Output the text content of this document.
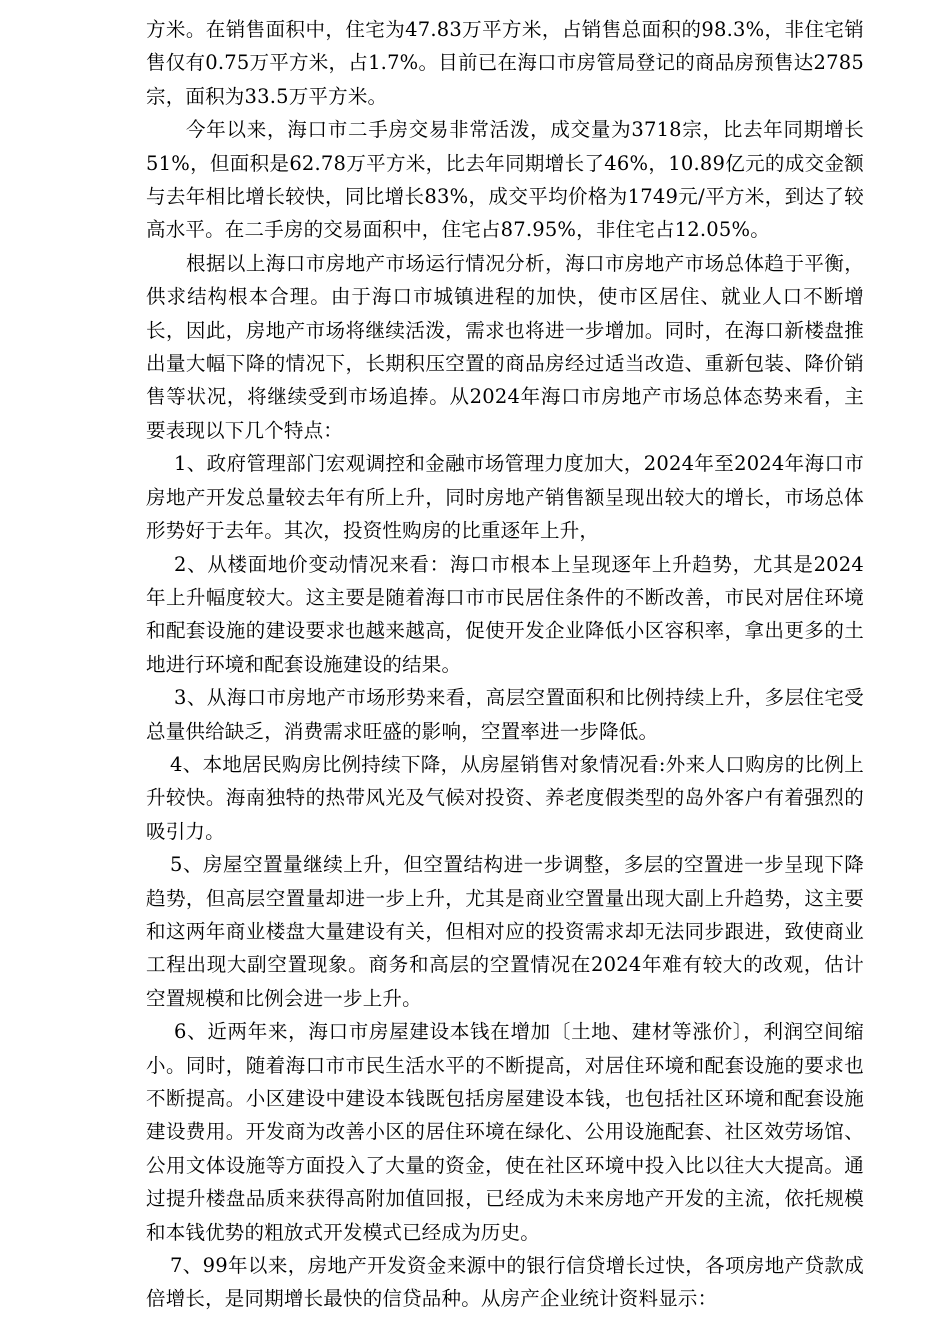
方米。在销售面积中，住宅为47.83万平方米，占销售总面积的98.3%，非住宅销售仅有0.75万平方米，占1.7%。目前已在海口市房管局登记的商品房预售达2785宗，面积为33.5万平方米。

今年以来，海口市二手房交易非常活泼，成交量为3718宗，比去年同期增长51%，但面积是62.78万平方米，比去年同期增长了46%，10.89亿元的成交金额与去年相比增长较快，同比增长83%，成交平均价格为1749元/平方米，到达了较高水平。在二手房的交易面积中，住宅占87.95%，非住宅占12.05%。

根据以上海口市房地产市场运行情况分析，海口市房地产市场总体趋于平衡，供求结构根本合理。由于海口市城镇进程的加快，使市区居住、就业人口不断增长，因此，房地产市场将继续活泼，需求也将进一步增加。同时，在海口新楼盘推出量大幅下降的情况下，长期积压空置的商品房经过适当改造、重新包装、降价销售等状况，将继续受到市场追捧。从2024年海口市房地产市场总体态势来看，主要表现以下几个特点：

1、政府管理部门宏观调控和金融市场管理力度加大，2024年至2024年海口市房地产开发总量较去年有所上升，同时房地产销售额呈现出较大的增长，市场总体形势好于去年。其次，投资性购房的比重逐年上升，

2、从楼面地价变动情况来看：海口市根本上呈现逐年上升趋势，尤其是2024年上升幅度较大。这主要是随着海口市市民居住条件的不断改善，市民对居住环境和配套设施的建设要求也越来越高，促使开发企业降低小区容积率，拿出更多的土地进行环境和配套设施建设的结果。

3、从海口市房地产市场形势来看，高层空置面积和比例持续上升，多层住宅受总量供给缺乏，消费需求旺盛的影响，空置率进一步降低。

4、本地居民购房比例持续下降，从房屋销售对象情况看:外来人口购房的比例上升较快。海南独特的热带风光及气候对投资、养老度假类型的岛外客户有着强烈的吸引力。

5、房屋空置量继续上升，但空置结构进一步调整，多层的空置进一步呈现下降趋势，但高层空置量却进一步上升，尤其是商业空置量出现大副上升趋势，这主要和这两年商业楼盘大量建设有关，但相对应的投资需求却无法同步跟进，致使商业工程出现大副空置现象。商务和高层的空置情况在2024年难有较大的改观，估计空置规模和比例会进一步上升。

6、近两年来，海口市房屋建设本钱在增加〔土地、建材等涨价〕，利润空间缩小。同时，随着海口市市民生活水平的不断提高，对居住环境和配套设施的要求也不断提高。小区建设中建设本钱既包括房屋建设本钱，也包括社区环境和配套设施建设费用。开发商为改善小区的居住环境在绿化、公用设施配套、社区效劳场馆、公用文体设施等方面投入了大量的资金，使在社区环境中投入比以往大大提高。通过提升楼盘品质来获得高附加值回报，已经成为未来房地产开发的主流，依托规模和本钱优势的粗放式开发模式已经成为历史。

7、99年以来，房地产开发资金来源中的银行信贷增长过快，各项房地产贷款成倍增长，是同期增长最快的信贷品种。从房产企业统计资料显示：
